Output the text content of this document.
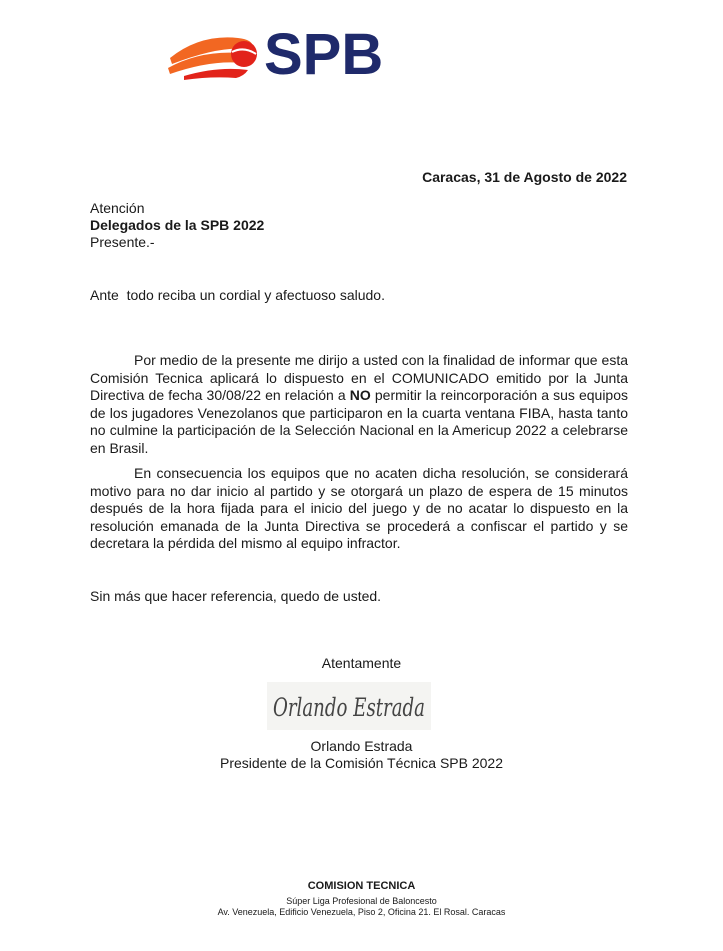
SPB
Caracas, 31 de Agosto de 2022
Atención
Delegados de la SPB 2022
Presente.-
Ante  todo reciba un cordial y afectuoso saludo.

Por medio de la presente me dirijo a usted con la finalidad de informar que esta Comisión Tecnica aplicará lo dispuesto en el COMUNICADO emitido por la Junta Directiva de fecha 30/08/22 en relación a NO permitir la reincorporación a sus equipos de los jugadores Venezolanos que participaron en la cuarta ventana FIBA, hasta tanto no culmine la participación de la Selección Nacional en la Americup 2022 a celebrarse en Brasil.

En consecuencia los equipos que no acaten dicha resolución, se considerará motivo para no dar inicio al partido y se otorgará un plazo de espera de 15 minutos después de la hora fijada para el inicio del juego y de no acatar lo dispuesto en la resolución emanada de la Junta Directiva se procederá a confiscar el partido y se decretara la pérdida del mismo al equipo infractor.

Sin más que hacer referencia, quedo de usted.
Atentamente
Orlando Estrada
Orlando Estrada
Presidente de la Comisión Técnica SPB 2022
COMISION TECNICA
Súper Liga Profesional de Baloncesto
Av. Venezuela, Edificio Venezuela, Piso 2, Oficina 21. El Rosal. Caracas
